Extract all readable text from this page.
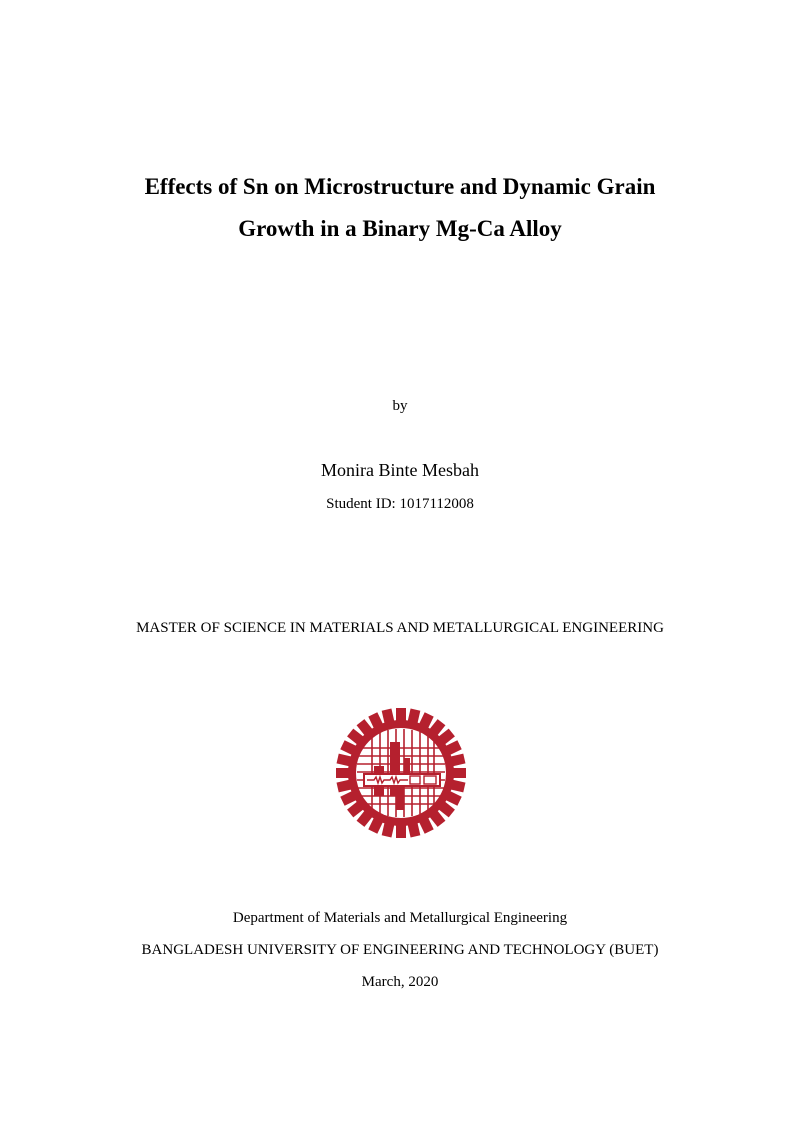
Effects of Sn on Microstructure and Dynamic Grain
Growth in a Binary Mg-Ca Alloy
by
Monira Binte Mesbah
Student ID: 1017112008
MASTER OF SCIENCE IN MATERIALS AND METALLURGICAL ENGINEERING
Department of Materials and Metallurgical Engineering
BANGLADESH UNIVERSITY OF ENGINEERING AND TECHNOLOGY (BUET)
March, 2020
